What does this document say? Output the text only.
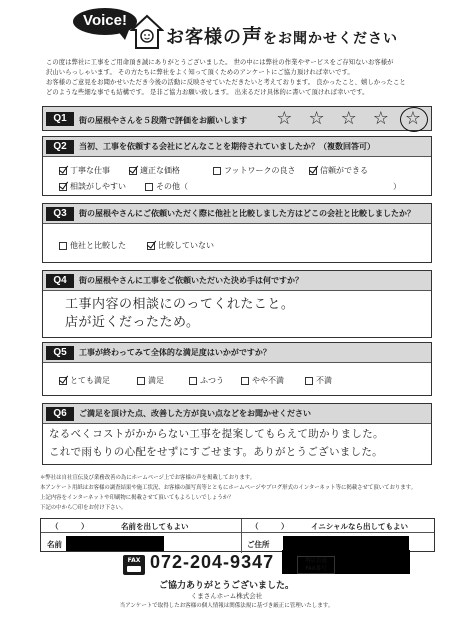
Voice!
お客様の声をお聞かせください

この度は弊社に工事をご用命頂き誠にありがとうございました。 世の中には弊社の作業やサービスをご存知ないお客様が

沢山いらっしゃいます。 その方たちに弊社をよく知って頂くためのアンケートにご協力頂ければ幸いです。

お客様のご意見をお聞かせいただき今後の活動に反映させていただきたいと考えております。 良かったこと、嬉しかったこと

どのような些細な事でも結構です。 是非ご協力お願い致します。 出来るだけ具体的に書いて頂ければ幸いです。

Q1	街の屋根やさんを５段階で評価をお願いします ☆ ☆ ☆ ☆ ☆
Q2	当初、工事を依頼する会社にどんなことを期待されていましたか？（複数回答可）
丁寧な仕事	適正な価格	フットワークの良さ	信頼ができる
相談がしやすい	その他（	）
Q3	街の屋根やさんにご依頼いただく際に他社と比較しました方はどこの会社と比較しましたか？
他社と比較した	比較していない
Q4	街の屋根やさんに工事をご依頼いただいた決め手は何ですか？
工事内容の相談にのってくれたこと。
店が近くだったため。
Q5	工事が終わってみて全体的な満足度はいかがですか？
とても満足	満足	ふつう	やや不満	不満
Q6	ご満足を頂けた点、改善した方が良い点などをお聞かせください
なるべくコストがかからない工事を提案してもらえて助かりました。
これで雨もりの心配をせずにすごせます。ありがとうございました。

＊弊社は自社宣伝及び業務改善の為にホームページ上でお客様の声を掲載しております。

本アンケート用紙はお客様の調査結果や施工状況、お客様の顔写真等とともにホームページやブログ形式のインターネット等に掲載させて頂いております。

上記内容をインターネットや印刷物に掲載させて頂いてもよろしいでしょうか？

下記の中から〇印をお付け下さい。

（　　　）	名前を出してもよい	（　　　）	イニシャルなら出してもよい
名前	ご住所
FAX 072-204-9347	堺店直通
FAX番号
ご協力ありがとうございました。
くまさんホーム株式会社
当アンケートで取得したお客様の個人情報は関係法規に基づき厳正に管理いたします。
